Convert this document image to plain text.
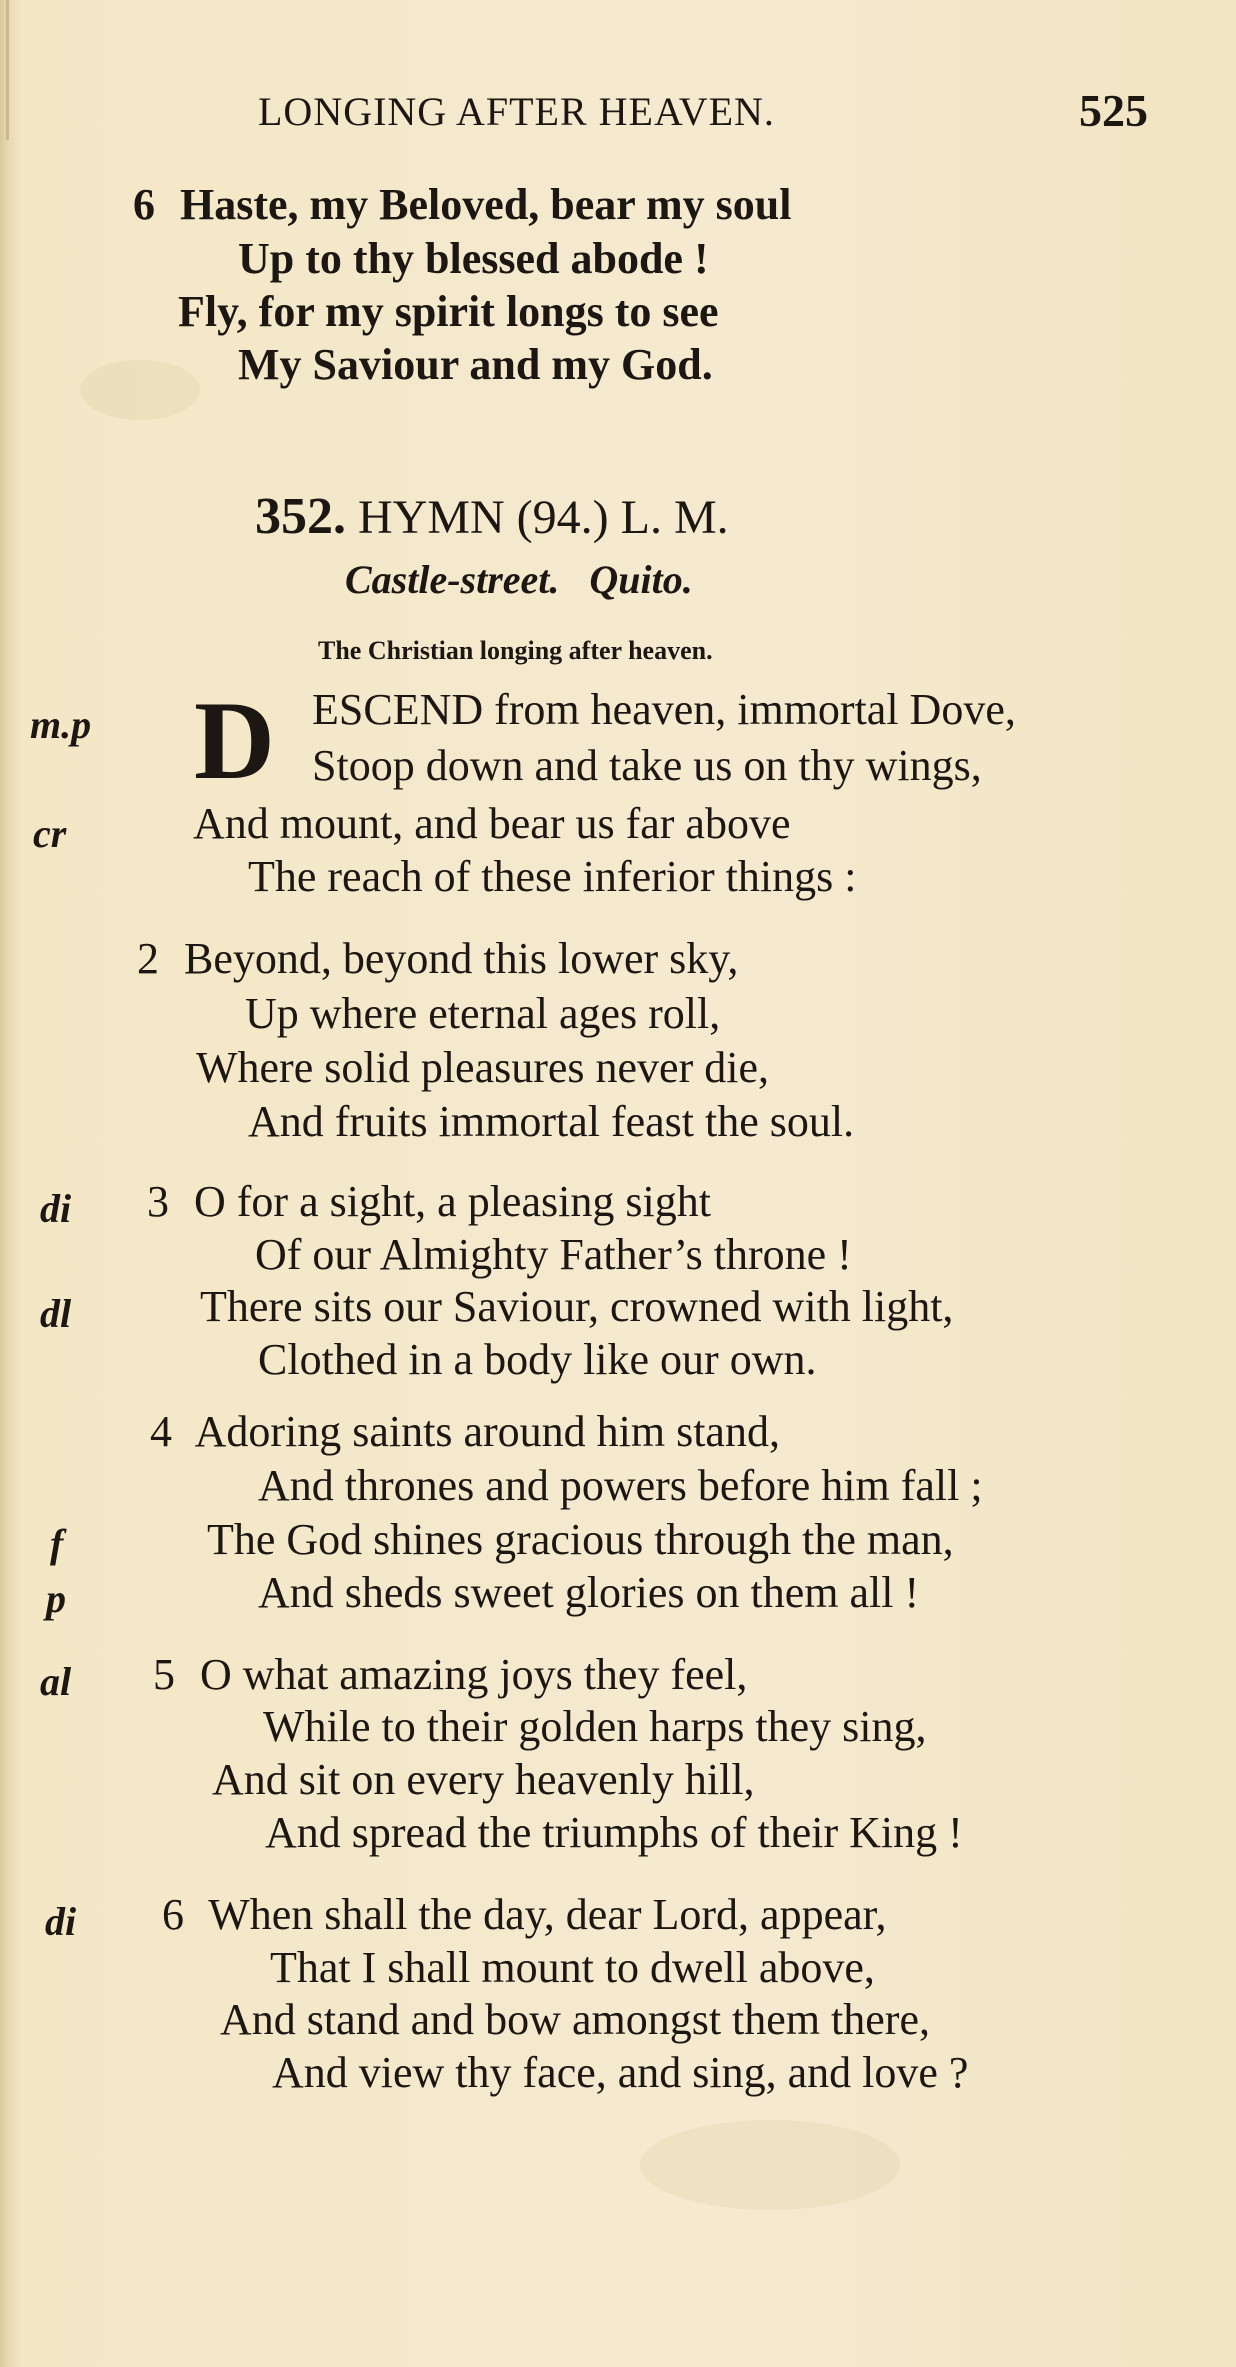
LONGING AFTER HEAVEN.	525
6 Haste, my Beloved, bear my soul
Up to thy blessed abode !
Fly, for my spirit longs to see
My Saviour and my God.
352. HYMN (94.) L. M.
Castle-street. Quito.
The Christian longing after heaven.
D ESCEND from heaven, immortal Dove,
Stoop down and take us on thy wings,
And mount, and bear us far above
The reach of these inferior things :
2 Beyond, beyond this lower sky,
Up where eternal ages roll,
Where solid pleasures never die,
And fruits immortal feast the soul.
3 O for a sight, a pleasing sight
Of our Almighty Father’s throne !
There sits our Saviour, crowned with light,
Clothed in a body like our own.
4 Adoring saints around him stand,
And thrones and powers before him fall ;
The God shines gracious through the man,
And sheds sweet glories on them all !
5 O what amazing joys they feel,
While to their golden harps they sing,
And sit on every heavenly hill,
And spread the triumphs of their King !
6 When shall the day, dear Lord, appear,
That I shall mount to dwell above,
And stand and bow amongst them there,
And view thy face, and sing, and love ?
m.p
cr
di
dl
f
p
al
di
